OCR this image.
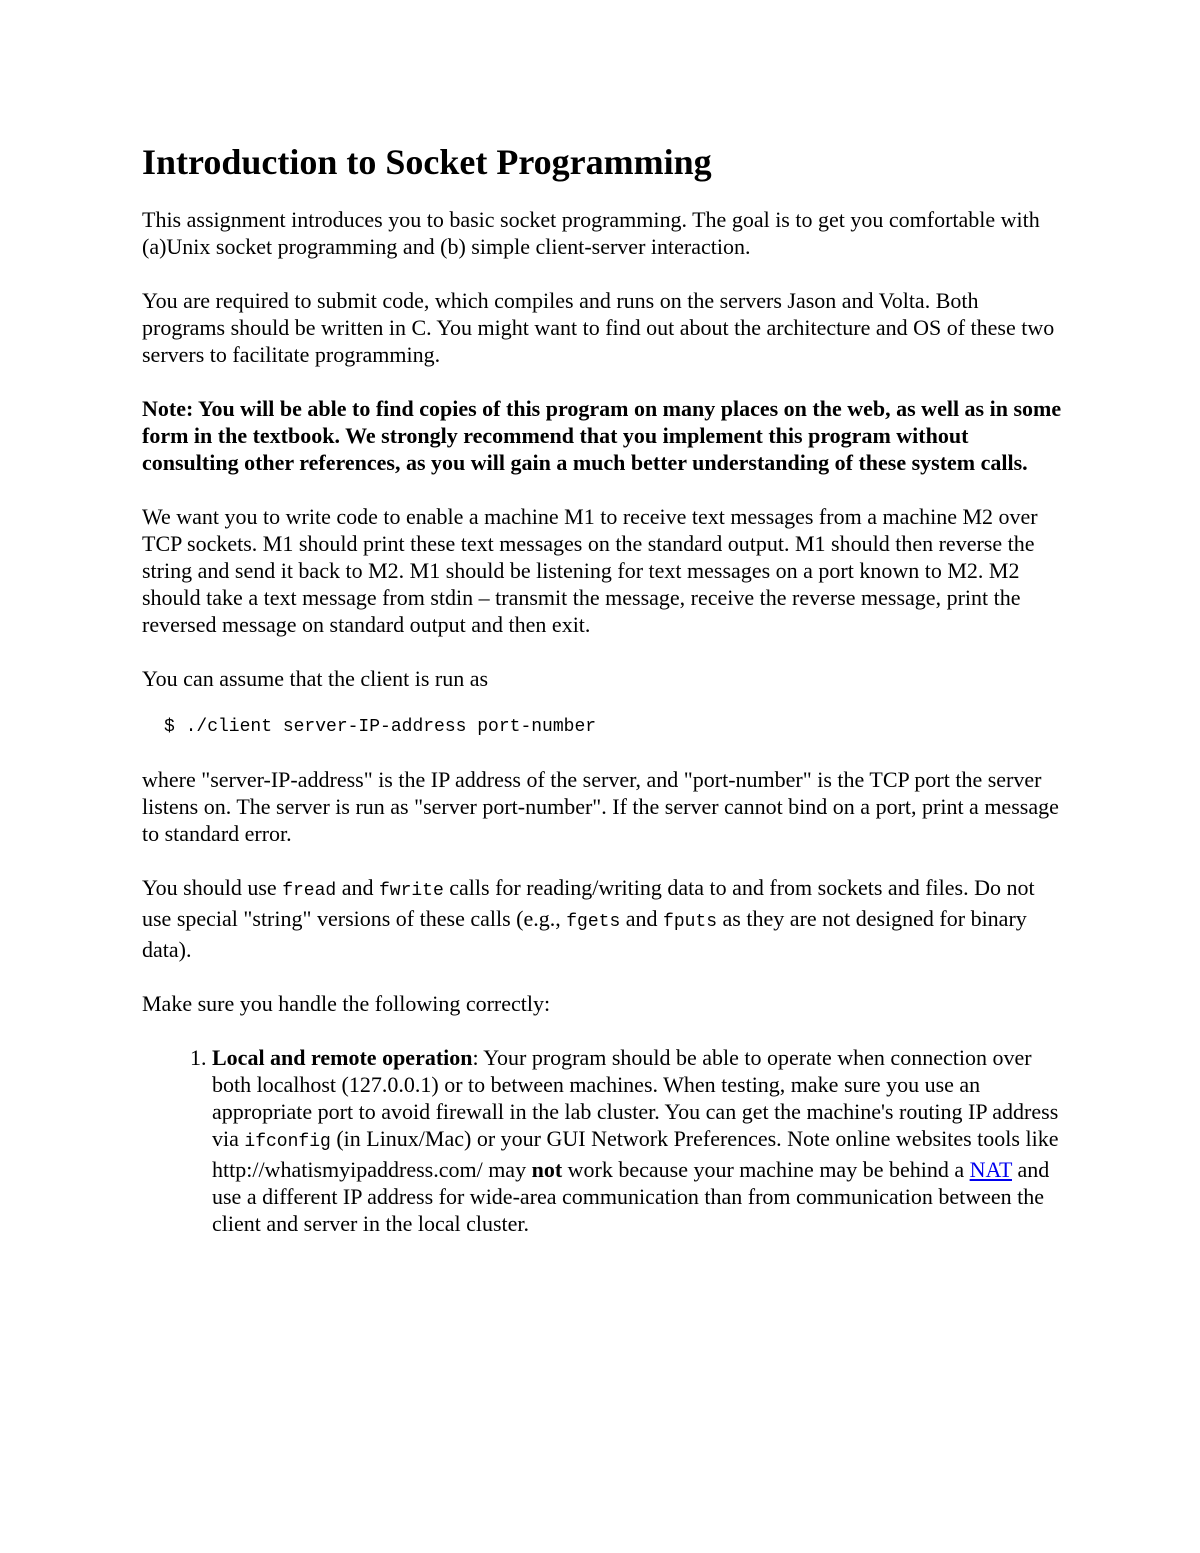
Introduction to Socket Programming

This assignment introduces you to basic socket programming. The goal is to get you comfortable with (a)Unix socket programming and (b) simple client-server interaction.

You are required to submit code, which compiles and runs on the servers Jason and Volta. Both programs should be written in C. You might want to find out about the architecture and OS of these two servers to facilitate programming.

Note: You will be able to find copies of this program on many places on the web, as well as in some form in the textbook. We strongly recommend that you implement this program without consulting other references, as you will gain a much better understanding of these system calls.

We want you to write code to enable a machine M1 to receive text messages from a machine M2 over TCP sockets. M1 should print these text messages on the standard output. M1 should then reverse the string and send it back to M2. M1 should be listening for text messages on a port known to M2. M2 should take a text message from stdin – transmit the message, receive the reverse message, print the reversed message on standard output and then exit.

You can assume that the client is run as

$ ./client server-IP-address port-number

where "server-IP-address" is the IP address of the server, and "port-number" is the TCP port the server listens on. The server is run as "server port-number". If the server cannot bind on a port, print a message to standard error.

You should use fread and fwrite calls for reading/writing data to and from sockets and files. Do not use special "string" versions of these calls (e.g., fgets and fputs as they are not designed for binary data).

Make sure you handle the following correctly:

1. Local and remote operation: Your program should be able to operate when connection over both localhost (127.0.0.1) or to between machines. When testing, make sure you use an appropriate port to avoid firewall in the lab cluster. You can get the machine's routing IP address via ifconfig (in Linux/Mac) or your GUI Network Preferences. Note online websites tools like http://whatismyipaddress.com/ may not work because your machine may be behind a NAT and use a different IP address for wide-area communication than from communication between the client and server in the local cluster.
